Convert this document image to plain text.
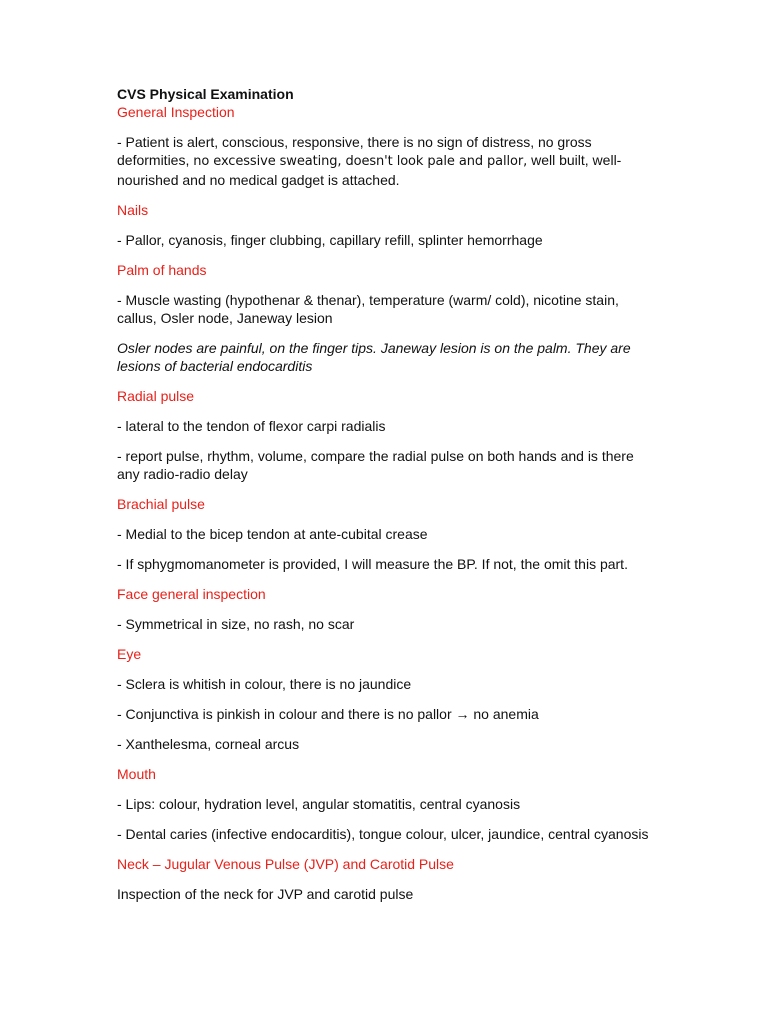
CVS Physical Examination

General Inspection

- Patient is alert, conscious, responsive, there is no sign of distress, no gross deformities, no excessive sweating, doesn't look pale and pallor, well built, well-nourished and no medical gadget is attached.

Nails

- Pallor, cyanosis, finger clubbing, capillary refill, splinter hemorrhage

Palm of hands

- Muscle wasting (hypothenar & thenar), temperature (warm/ cold), nicotine stain, callus, Osler node, Janeway lesion

Osler nodes are painful, on the finger tips. Janeway lesion is on the palm. They are lesions of bacterial endocarditis

Radial pulse

- lateral to the tendon of flexor carpi radialis

- report pulse, rhythm, volume, compare the radial pulse on both hands and is there any radio-radio delay

Brachial pulse

- Medial to the bicep tendon at ante-cubital crease

- If sphygmomanometer is provided, I will measure the BP. If not, the omit this part.

Face general inspection

- Symmetrical in size, no rash, no scar

Eye

- Sclera is whitish in colour, there is no jaundice

- Conjunctiva is pinkish in colour and there is no pallor → no anemia

- Xanthelesma, corneal arcus

Mouth

- Lips: colour, hydration level, angular stomatitis, central cyanosis

- Dental caries (infective endocarditis), tongue colour, ulcer, jaundice, central cyanosis

Neck – Jugular Venous Pulse (JVP) and Carotid Pulse

Inspection of the neck for JVP and carotid pulse
